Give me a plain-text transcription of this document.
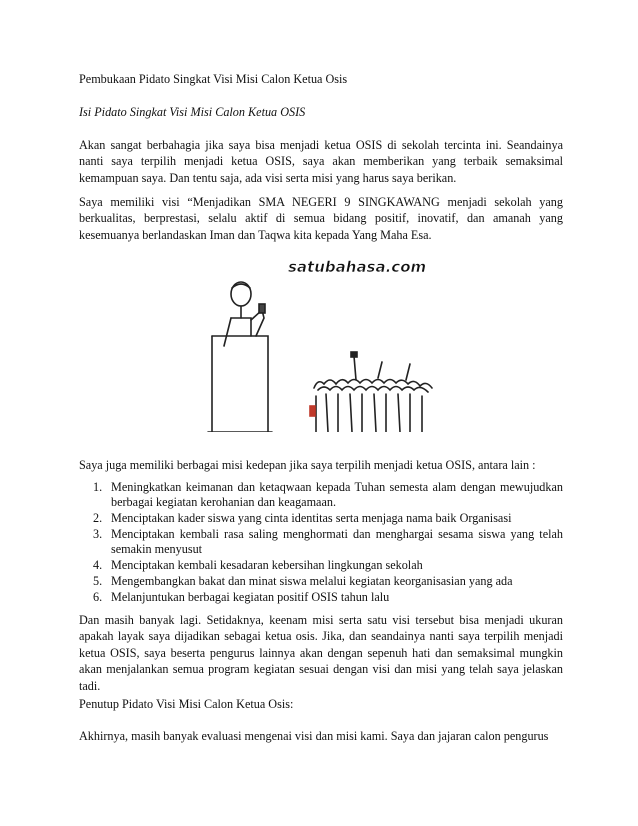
Pembukaan Pidato Singkat Visi Misi Calon Ketua Osis

Isi Pidato Singkat Visi Misi Calon Ketua OSIS

Akan sangat berbahagia jika saya bisa menjadi ketua OSIS di sekolah tercinta ini. Seandainya nanti saya terpilih menjadi ketua OSIS, saya akan memberikan yang terbaik semaksimal kemampuan saya. Dan tentu saja, ada visi serta misi yang harus saya berikan.

Saya memiliki visi “Menjadikan SMA NEGERI 9 SINGKAWANG menjadi sekolah yang berkualitas, berprestasi, selalu aktif di semua bidang positif, inovatif, dan amanah yang kesemuanya berlandaskan Iman dan Taqwa kita kepada Yang Maha Esa.

satubahasa.com

Saya juga memiliki berbagai misi kedepan jika saya terpilih menjadi ketua OSIS, antara lain :

1. Meningkatkan keimanan dan ketaqwaan kepada Tuhan semesta alam dengan mewujudkan berbagai kegiatan kerohanian dan keagamaan.
2. Menciptakan kader siswa yang cinta identitas serta menjaga nama baik Organisasi
3. Menciptakan kembali rasa saling menghormati dan menghargai sesama siswa yang telah semakin menyusut
4. Menciptakan kembali kesadaran kebersihan lingkungan sekolah
5. Mengembangkan bakat dan minat siswa melalui kegiatan keorganisasian yang ada
6. Melanjuntukan berbagai kegiatan positif OSIS tahun lalu

Dan masih banyak lagi. Setidaknya, keenam misi serta satu visi tersebut bisa menjadi ukuran apakah layak saya dijadikan sebagai ketua osis. Jika, dan seandainya nanti saya terpilih menjadi ketua OSIS, saya beserta pengurus lainnya akan dengan sepenuh hati dan semaksimal mungkin akan menjalankan semua program kegiatan sesuai dengan visi dan misi yang telah saya jelaskan tadi.

Penutup Pidato Visi Misi Calon Ketua Osis:

Akhirnya, masih banyak evaluasi mengenai visi dan misi kami. Saya dan jajaran calon pengurus
